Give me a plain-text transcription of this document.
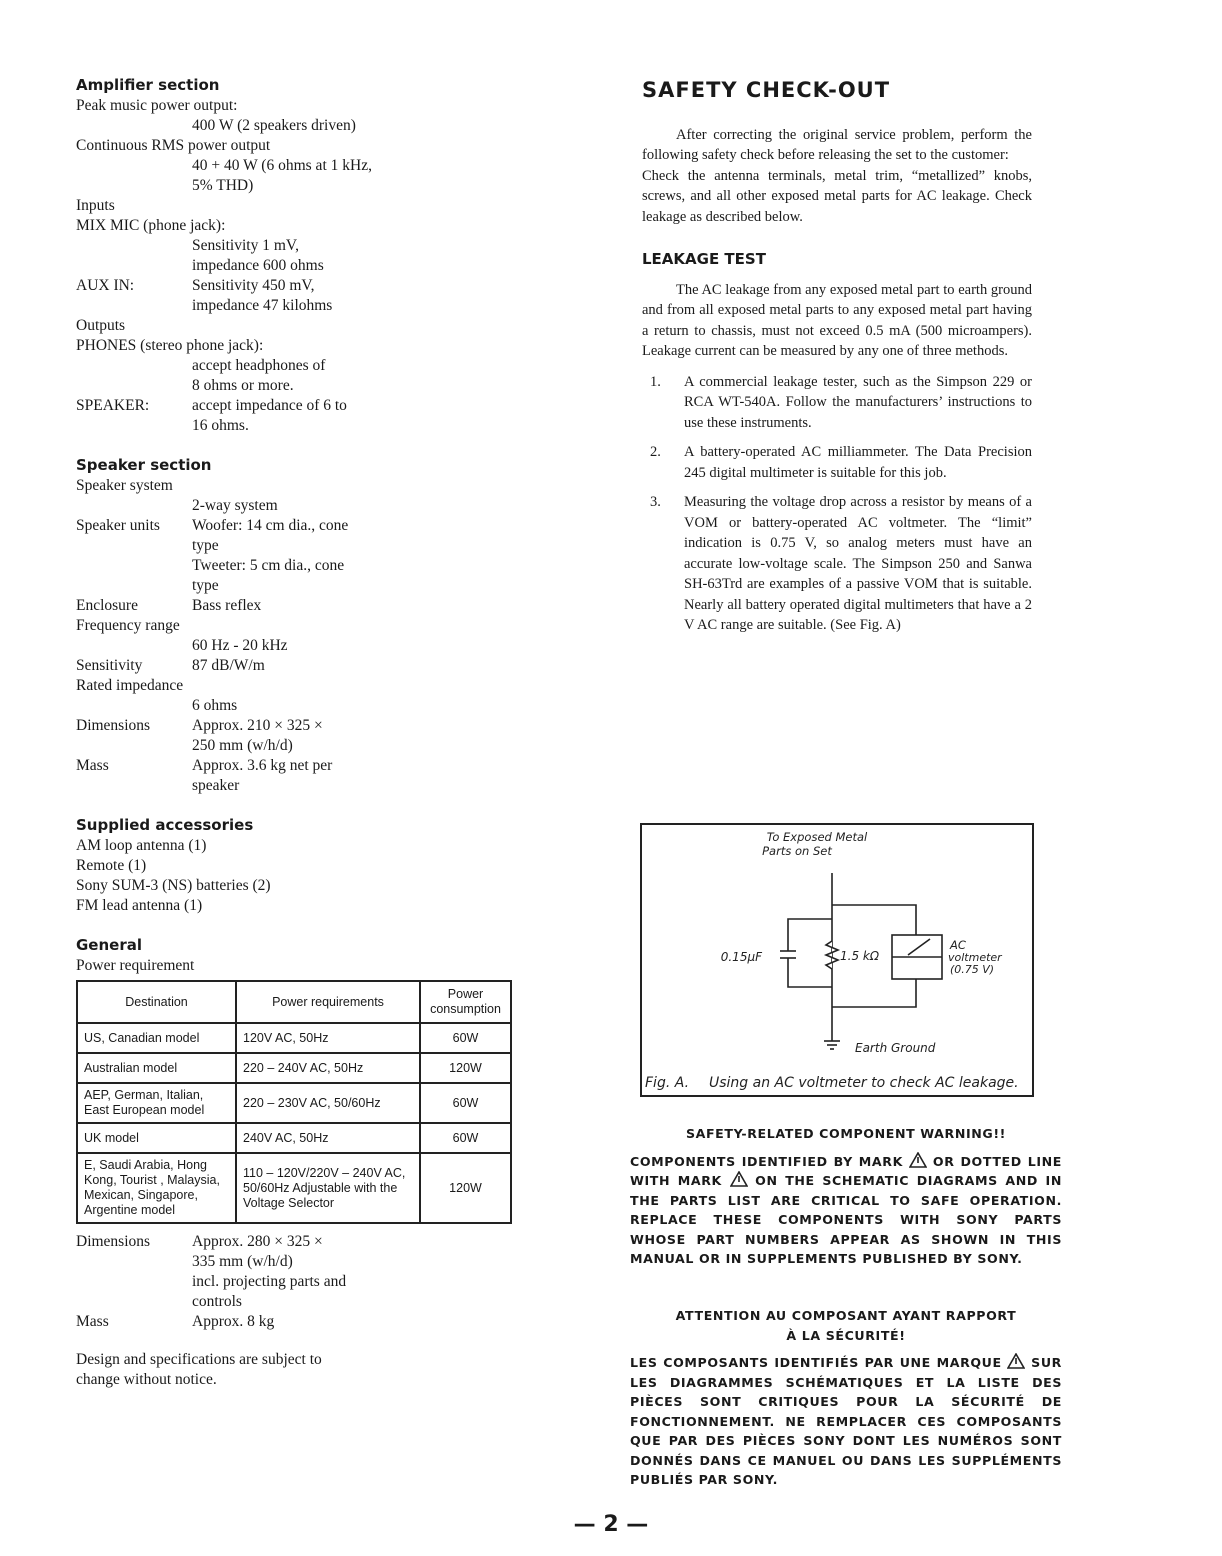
Amplifier section
Peak music power output:
400 W (2 speakers driven)
Continuous RMS power output
40 + 40 W (6 ohms at 1 kHz,
5% THD)
Inputs
MIX MIC (phone jack):
Sensitivity 1 mV,
impedance 600 ohms
AUX IN:	Sensitivity 450 mV,
impedance 47 kilohms
Outputs
PHONES (stereo phone jack):
accept headphones of
8 ohms or more.
SPEAKER:	accept impedance of 6 to
16 ohms.
Speaker section
Speaker system
2-way system
Speaker units	Woofer: 14 cm dia., cone
type
Tweeter: 5 cm dia., cone
type
Enclosure	Bass reflex
Frequency range
60 Hz - 20 kHz
Sensitivity	87 dB/W/m
Rated impedance
6 ohms
Dimensions	Approx. 210 × 325 ×
250 mm (w/h/d)
Mass	Approx. 3.6 kg net per
speaker
Supplied accessories
AM loop antenna (1)
Remote (1)
Sony SUM-3 (NS) batteries (2)
FM lead antenna (1)
General
Power requirement
Destination	Power requirements	Power consumption
US, Canadian model	120V AC, 50Hz	60W
Australian model	220 – 240V AC, 50Hz	120W
AEP, German, Italian, East European model	220 – 230V AC, 50/60Hz	60W
UK model	240V AC, 50Hz	60W
E, Saudi Arabia, Hong Kong, Tourist , Malaysia, Mexican, Singapore, Argentine model	110 – 120V/220V – 240V AC, 50/60Hz Adjustable with the Voltage Selector	120W
Dimensions	Approx. 280 × 325 ×
335 mm (w/h/d)
incl. projecting parts and
controls
Mass	Approx. 8 kg
Design and specifications are subject to
change without notice.
SAFETY CHECK-OUT

After correcting the original service problem, perform the following safety check before releasing the set to the customer:

Check the antenna terminals, metal trim, “metallized” knobs, screws, and all other exposed metal parts for AC leakage. Check leakage as described below.

LEAKAGE TEST

The AC leakage from any exposed metal part to earth ground and from all exposed metal parts to any exposed metal part having a return to chassis, must not exceed 0.5 mA (500 microampers). Leakage current can be measured by any one of three methods.

1.	A commercial leakage tester, such as the Simpson 229 or RCA WT-540A. Follow the manufacturers’ instructions to use these instruments.
2.	A battery-operated AC milliammeter. The Data Precision 245 digital multimeter is suitable for this job.
3.	Measuring the voltage drop across a resistor by means of a VOM or battery-operated AC voltmeter. The “limit” indication is 0.75 V, so analog meters must have an accurate low-voltage scale. The Simpson 250 and Sanwa SH-63Trd are examples of a passive VOM that is suitable. Nearly all battery operated digital multimeters that have a 2 V AC range are suitable. (See Fig. A)
To Exposed Metal
Parts on Set
0.15μF	1.5 kΩ
AC
voltmeter
(0.75 V)
Earth Ground
Fig. A. Using an AC voltmeter to check AC leakage.
SAFETY-RELATED COMPONENT WARNING!!

COMPONENTS IDENTIFIED BY MARK OR DOTTED LINE WITH MARK	ON THE SCHEMATIC DIAGRAMS AND IN THE PARTS LIST ARE CRITICAL TO SAFE OPERATION. REPLACE THESE COMPONENTS WITH SONY PARTS WHOSE PART NUMBERS APPEAR AS SHOWN IN THIS MANUAL OR IN SUPPLEMENTS PUBLISHED BY SONY.

ATTENTION AU COMPOSANT AYANT RAPPORT
À LA SÉCURITÉ!

LES COMPOSANTS IDENTIFIÉS PAR UNE MARQUE SUR LES DIAGRAMMES SCHÉMATIQUES ET LA LISTE DES PIÈCES SONT CRITIQUES POUR LA SÉCURITÉ DE FONCTIONNEMENT. NE REMPLACER CES COMPOSANTS QUE PAR DES PIÈCES SONY DONT LES NUMÉROS SONT DONNÉS DANS CE MANUEL OU DANS LES SUPPLÉMENTS PUBLIÉS PAR SONY.

— 2 —
